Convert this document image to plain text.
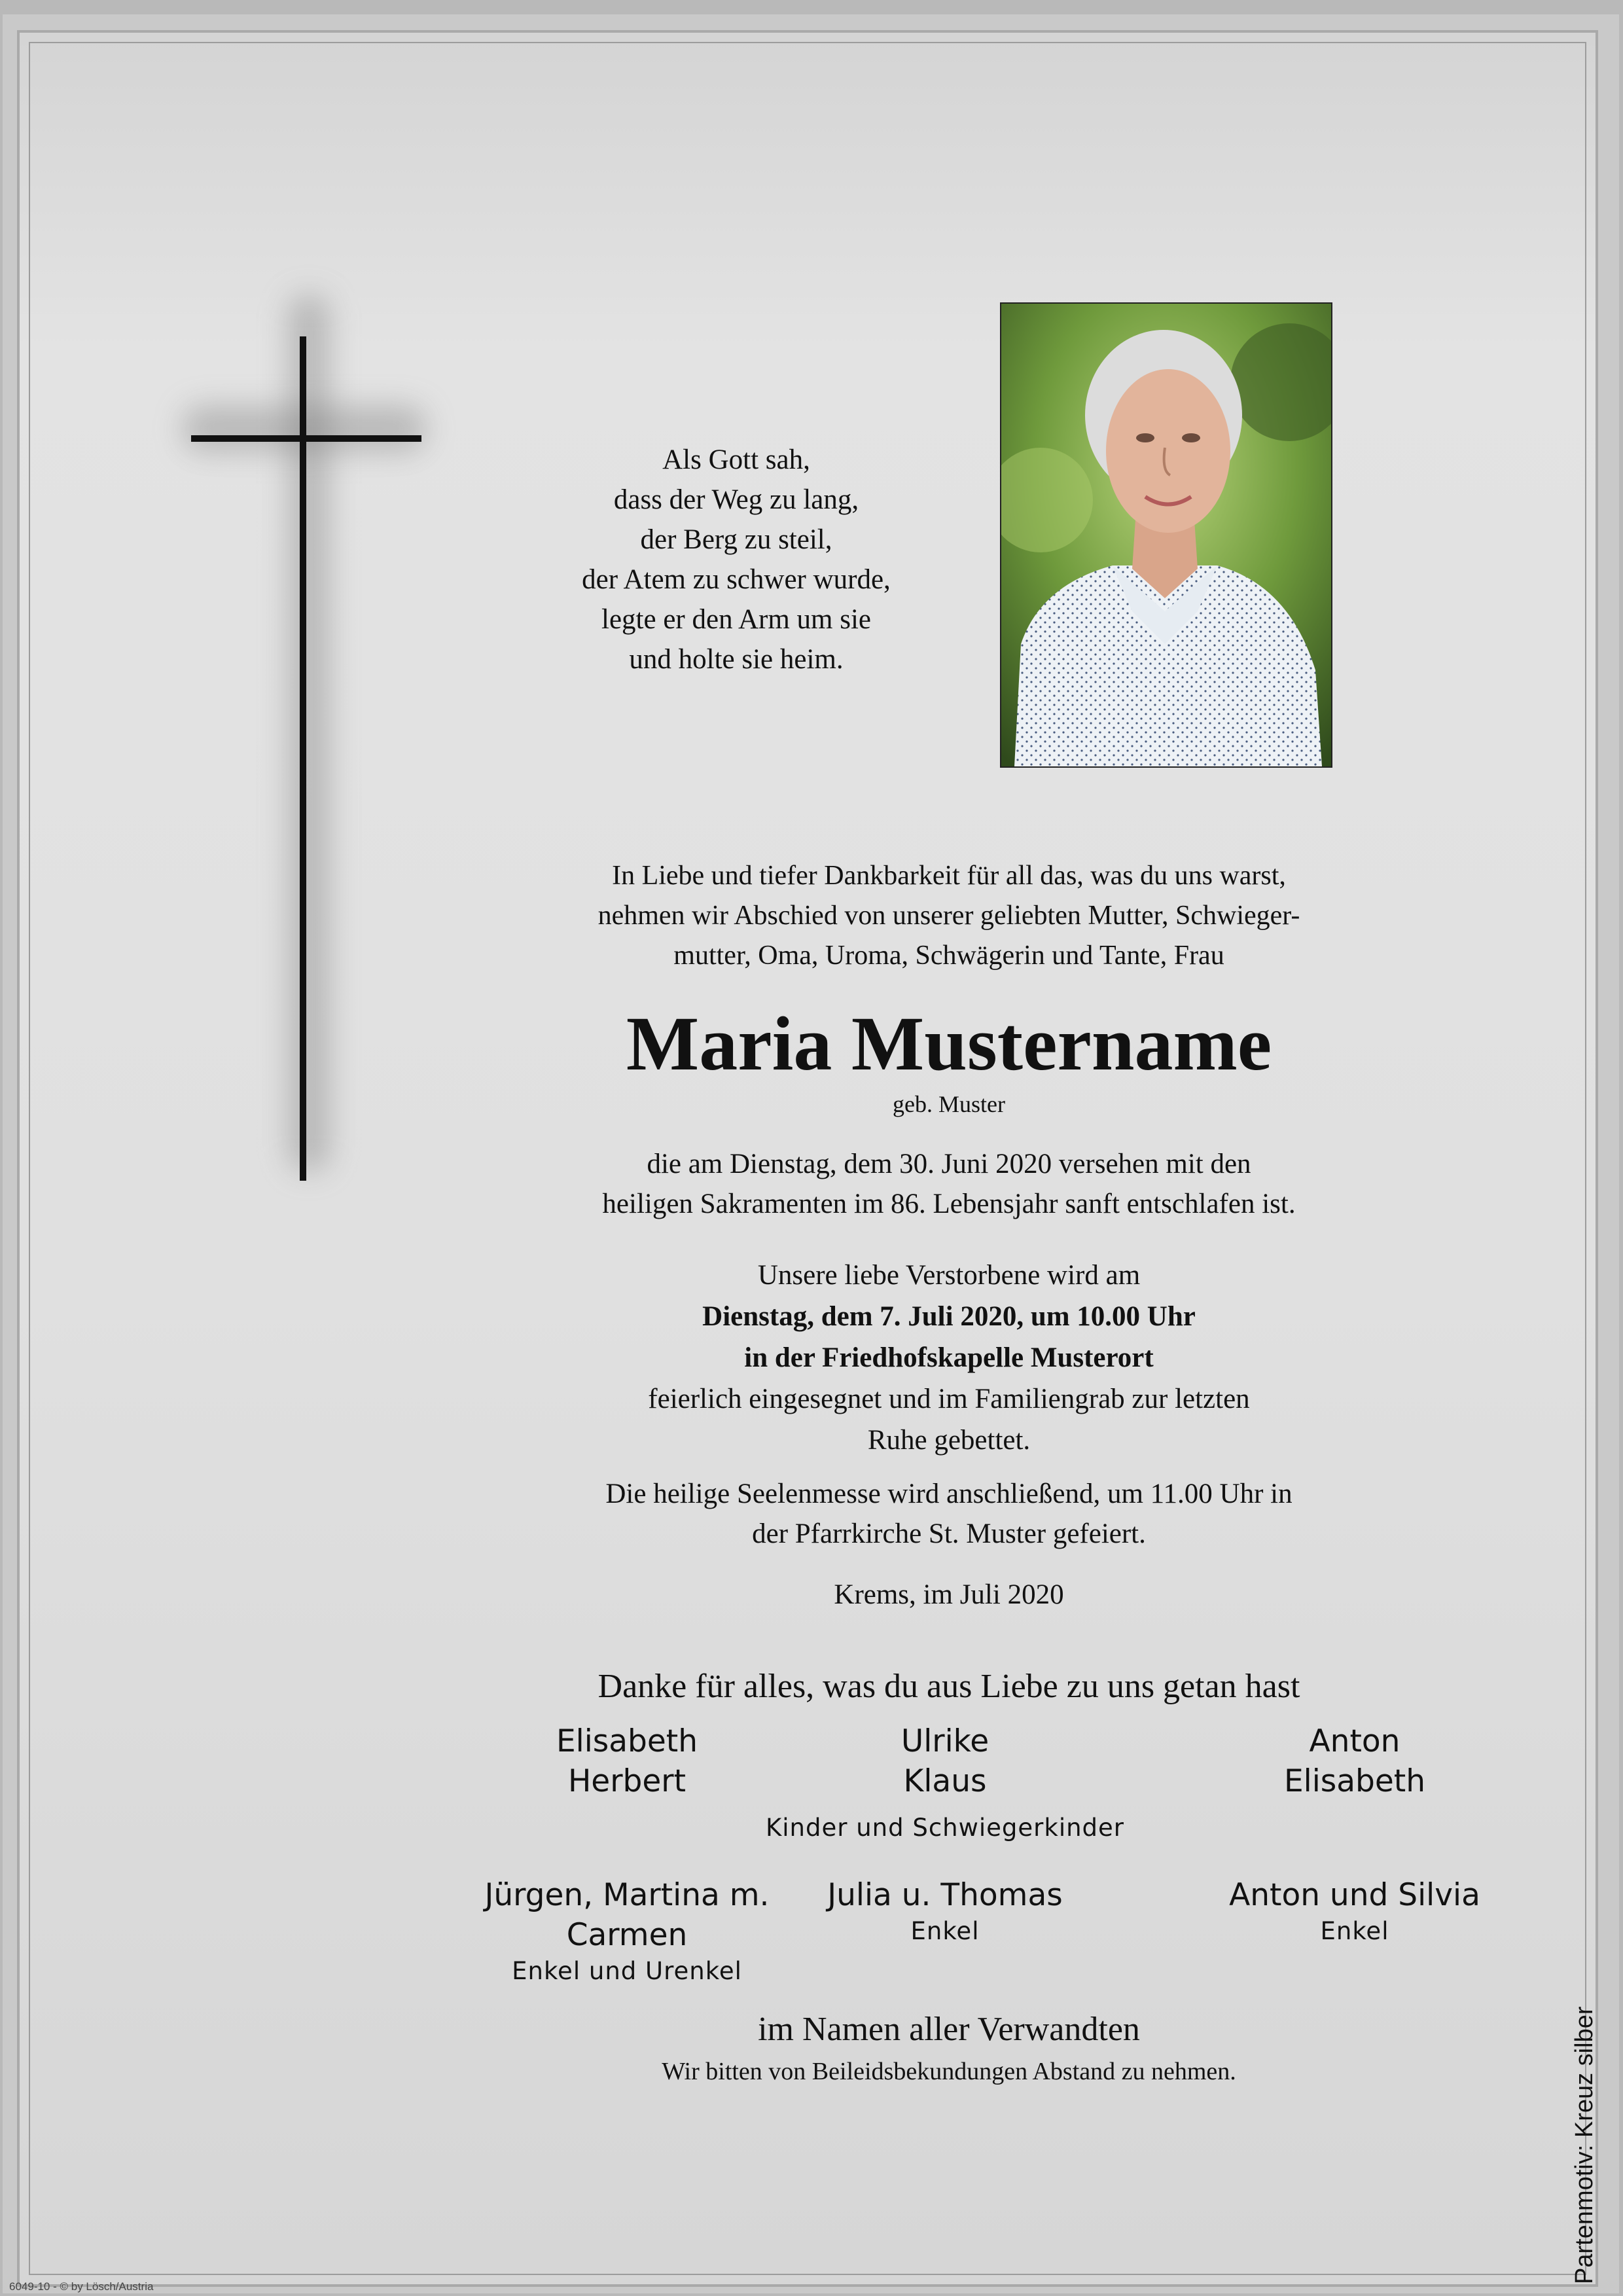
Als Gott sah,

dass der Weg zu lang,

der Berg zu steil,

der Atem zu schwer wurde,

legte er den Arm um sie

und holte sie heim.

In Liebe und tiefer Dankbarkeit für all das, was du uns warst,

nehmen wir Abschied von unserer geliebten Mutter, Schwieger-

mutter, Oma, Uroma, Schwägerin und Tante, Frau

Maria Mustername
geb. Muster

die am Dienstag, dem 30. Juni 2020 versehen mit den

heiligen Sakramenten im 86. Lebensjahr sanft entschlafen ist.

Unsere liebe Verstorbene wird am

Dienstag, dem 7. Juli 2020, um 10.00 Uhr

in der Friedhofskapelle Musterort

feierlich eingesegnet und im Familiengrab zur letzten

Ruhe gebettet.

Die heilige Seelenmesse wird anschließend, um 11.00 Uhr in

der Pfarrkirche St. Muster gefeiert.

Krems, im Juli 2020
Danke für alles, was du aus Liebe zu uns getan hast

Elisabeth

Herbert

Ulrike

Klaus

Anton

Elisabeth

Kinder und Schwiegerkinder

Jürgen, Martina m. Carmen

Enkel und Urenkel

Julia u. Thomas

Enkel

Anton und Silvia

Enkel

im Namen aller Verwandten
Wir bitten von Beileidsbekundungen Abstand zu nehmen.	Partenmotiv: Kreuz silber
6049-10 - © by Lösch/Austria
